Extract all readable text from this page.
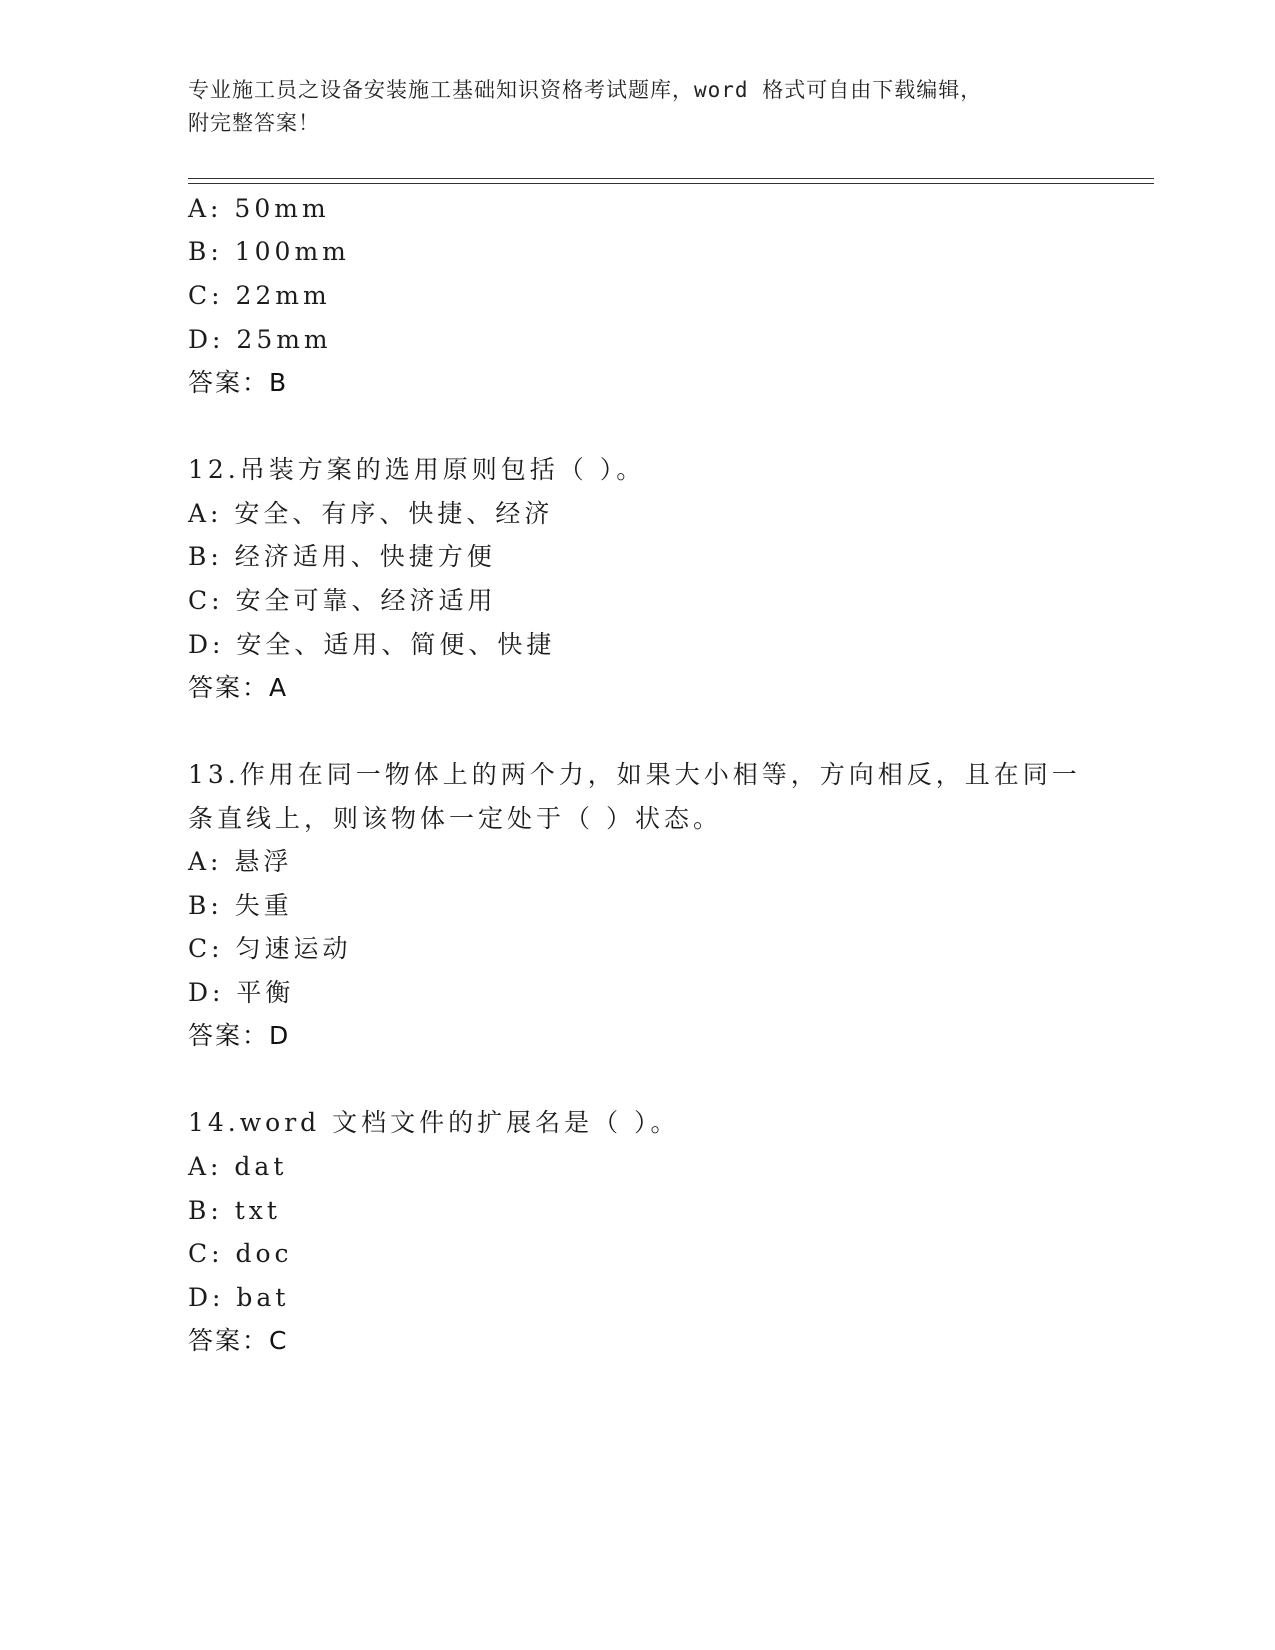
专业施工员之设备安装施工基础知识资格考试题库，word 格式可自由下载编辑，
附完整答案！
A: 50mm
B: 100mm
C: 22mm
D: 25mm
答案：B
12.吊装方案的选用原则包括（ ）。
A: 安全、有序、快捷、经济
B: 经济适用、快捷方便
C: 安全可靠、经济适用
D: 安全、适用、简便、快捷
答案：A
13.作用在同一物体上的两个力，如果大小相等，方向相反，且在同一
条直线上，则该物体一定处于（ ）状态。
A: 悬浮
B: 失重
C: 匀速运动
D: 平衡
答案：D
14.word 文档文件的扩展名是（ ）。
A: dat
B: txt
C: doc
D: bat
答案：C
